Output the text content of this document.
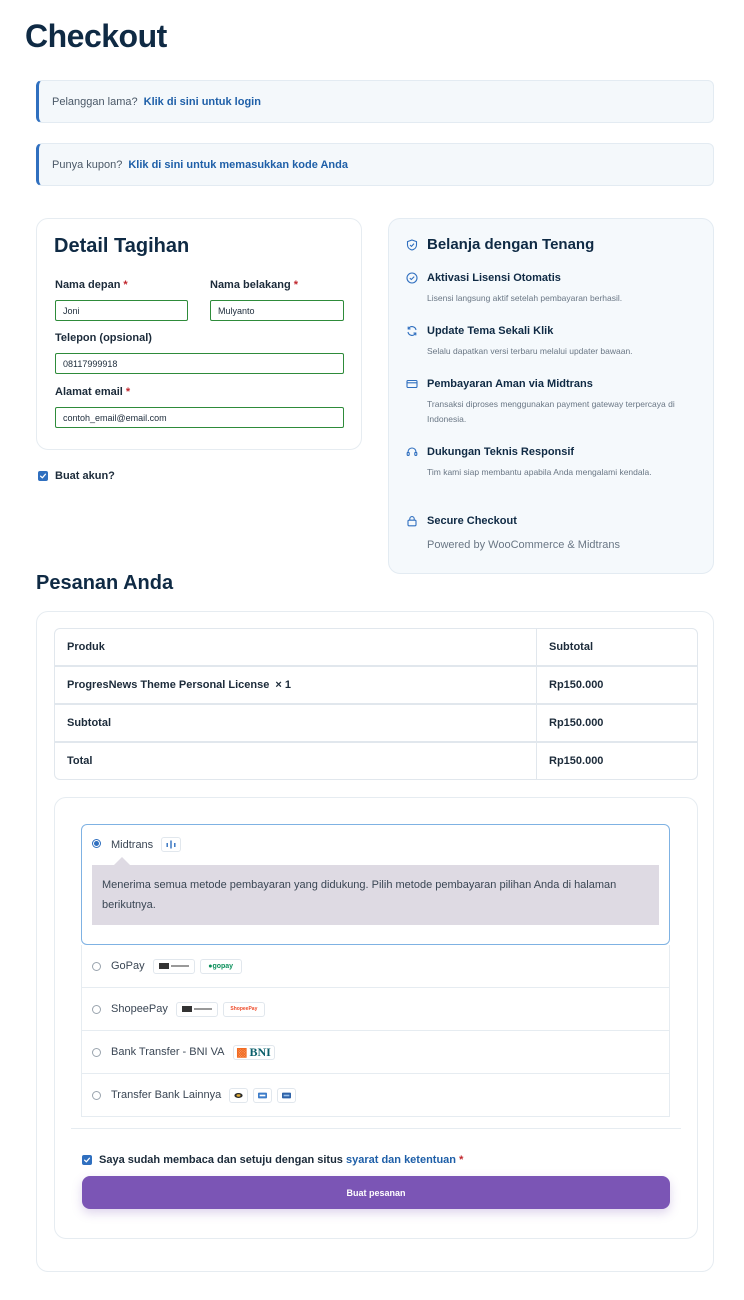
Checkout
Pelanggan lama? Klik di sini untuk login
Punya kupon? Klik di sini untuk memasukkan kode Anda
Detail Tagihan
Nama depan *
Joni
Nama belakang *
Mulyanto
Telepon (opsional)
08117999918
Alamat email *
contoh_email@email.com
Buat akun?
Belanja dengan Tenang
Aktivasi Lisensi Otomatis
Lisensi langsung aktif setelah pembayaran berhasil.
Update Tema Sekali Klik
Selalu dapatkan versi terbaru melalui updater bawaan.
Pembayaran Aman via Midtrans
Transaksi diproses menggunakan payment gateway terpercaya di Indonesia.
Dukungan Teknis Responsif
Tim kami siap membantu apabila Anda mengalami kendala.
Secure Checkout
Powered by WooCommerce & Midtrans
Pesanan Anda
Produk	Subtotal
ProgresNews Theme Personal License × 1	Rp150.000
Subtotal	Rp150.000
Total	Rp150.000
Midtrans
Menerima semua metode pembayaran yang didukung. Pilih metode pembayaran pilihan Anda di halaman berikutnya.
GoPay	● gopay
ShopeePay	ShopeePay
Bank Transfer - BNI VA ▩ BNI
Transfer Bank Lainnya
Saya sudah membaca dan setuju dengan situs syarat dan ketentuan *
Buat pesanan
